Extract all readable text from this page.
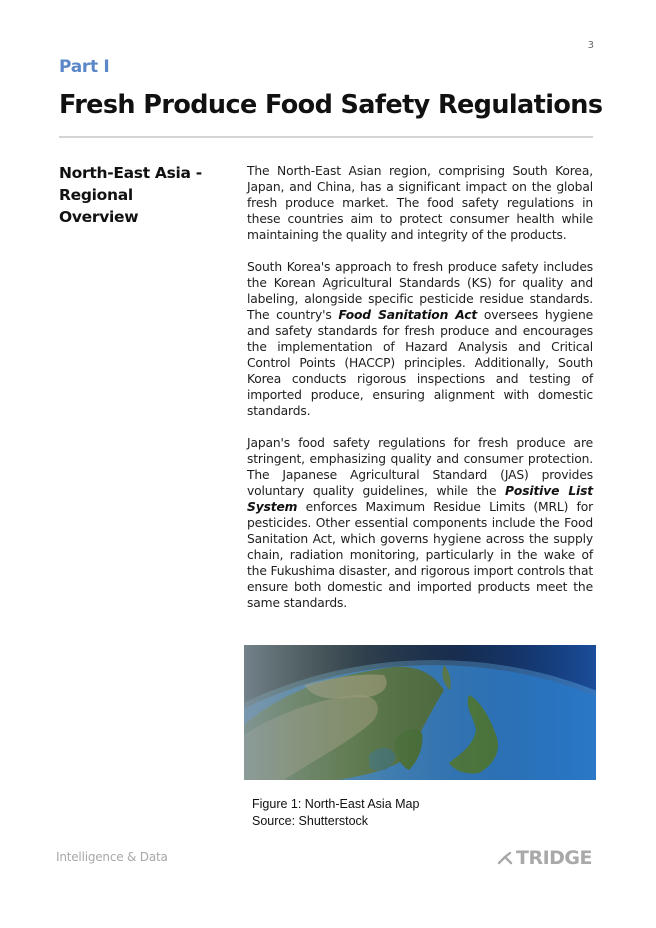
3
Part I
Fresh Produce Food Safety Regulations
North-East Asia -
Regional
Overview

The North-East Asian region, comprising South Korea, Japan, and China, has a significant impact on the global fresh produce market. The food safety regulations in these countries aim to protect consumer health while maintaining the quality and integrity of the products.

South Korea's approach to fresh produce safety includes the Korean Agricultural Standards (KS) for quality and labeling, alongside specific pesticide residue standards. The country's Food Sanitation Act oversees hygiene and safety standards for fresh produce and encourages the implementation of Hazard Analysis and Critical Control Points (HACCP) principles. Additionally, South Korea conducts rigorous inspections and testing of imported produce, ensuring alignment with domestic standards.

Japan's food safety regulations for fresh produce are stringent, emphasizing quality and consumer protection. The Japanese Agricultural Standard (JAS) provides voluntary quality guidelines, while the Positive List System enforces Maximum Residue Limits (MRL) for pesticides. Other essential components include the Food Sanitation Act, which governs hygiene across the supply chain, radiation monitoring, particularly in the wake of the Fukushima disaster, and rigorous import controls that ensure both domestic and imported products meet the same standards.

Figure 1: North-East Asia Map
Source: Shutterstock
Intelligence & Data	TRIDGE
